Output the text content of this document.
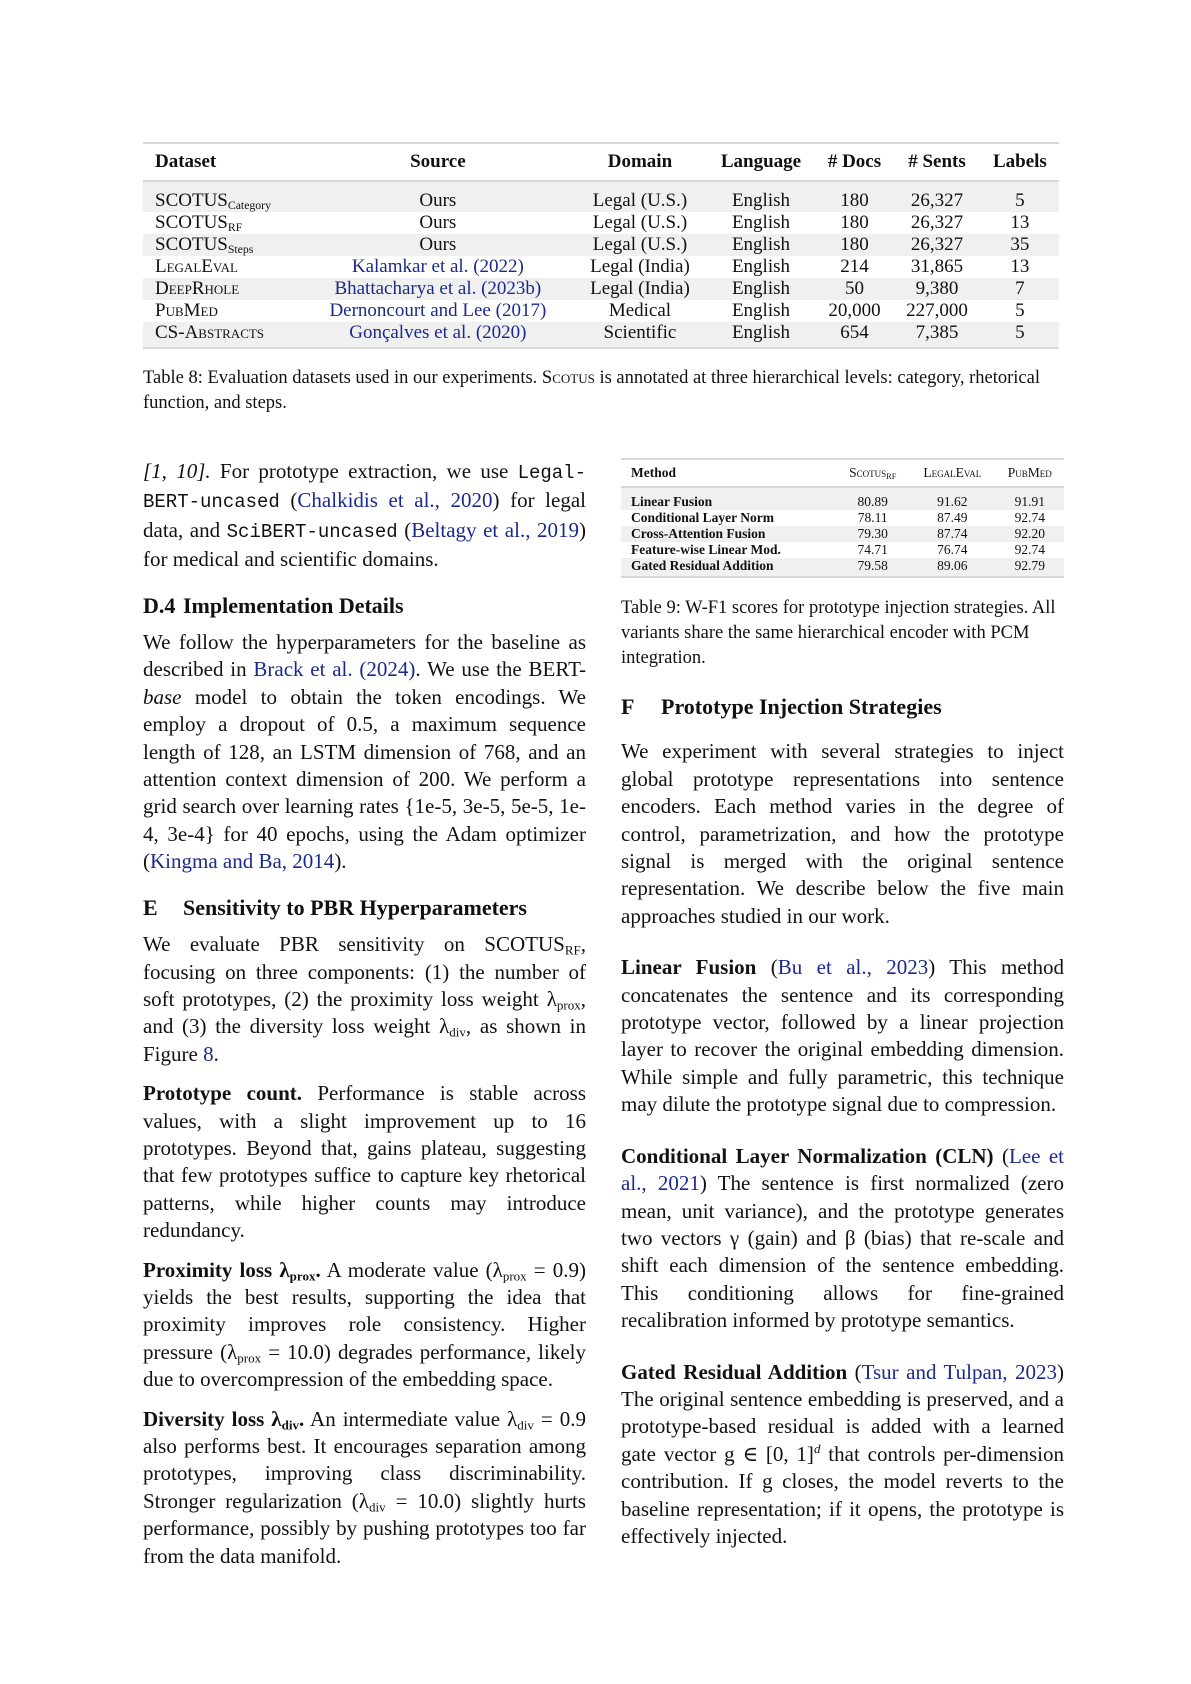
Dataset	Source	Domain	Language	# Docs	# Sents	Labels
$SCOTUS_{Category}$	Ours	Legal (U.S.)	English	180	26,327	5
$SCOTUS_{RF}$	Ours	Legal (U.S.)	English	180	26,327	13
$SCOTUS_{Steps}$	Ours	Legal (U.S.)	English	180	26,327	35
LegalEval	Kalamkar et al. (2022)	Legal (India)	English	214	31,865	13
DeepRhole	Bhattacharya et al. (2023b)	Legal (India)	English	50	9,380	7
PubMed	Dernoncourt and Lee (2017)	Medical	English	20,000	227,000	5
CS-Abstracts	Gonçalves et al. (2020)	Scientific	English	654	7,385	5
Table 8: Evaluation datasets used in our experiments. Scotus is annotated at three hierarchical levels: category, rhetorical function, and steps.

[1, 10]. For prototype extraction, we use Legal-BERT-uncased (Chalkidis et al., 2020) for legal data, and SciBERT-uncased (Beltagy et al., 2019) for medical and scientific domains.

D.4 Implementation Details

We follow the hyperparameters for the baseline as described in Brack et al. (2024). We use the BERT-base model to obtain the token encodings. We employ a dropout of 0.5, a maximum sequence length of 128, an LSTM dimension of 768, and an attention context dimension of 200. We perform a grid search over learning rates {1e-5, 3e-5, 5e-5, 1e-4, 3e-4} for 40 epochs, using the Adam optimizer (Kingma and Ba, 2014).

E Sensitivity to PBR Hyperparameters

We evaluate PBR sensitivity on $SCOTUS_{RF}$, focusing on three components: (1) the number of soft prototypes, (2) the proximity loss weight $\lambda_{prox}$, and (3) the diversity loss weight $\lambda_{div}$, as shown in Figure 8.

Prototype count. Performance is stable across values, with a slight improvement up to 16 prototypes. Beyond that, gains plateau, suggesting that few prototypes suffice to capture key rhetorical patterns, while higher counts may introduce redundancy.

Proximity loss $\lambda_{prox}$. A moderate value $(\lambda_{prox} = 0.9)$ yields the best results, supporting the idea that proximity improves role consistency. Higher pressure $(\lambda_{prox} = 10.0)$ degrades performance, likely due to overcompression of the embedding space.

Diversity loss $\lambda_{div}$. An intermediate value $\lambda_{div} = 0.9$ also performs best. It encourages separation among prototypes, improving class discriminability. Stronger regularization $(\lambda_{div} = 10.0)$ slightly hurts performance, possibly by pushing prototypes too far from the data manifold.

Method	Scotus$_{RF}$	LegalEval	PubMed
Linear Fusion	80.89	91.62	91.91
Conditional Layer Norm	78.11	87.49	92.74
Cross-Attention Fusion	79.30	87.74	92.20
Feature-wise Linear Mod.	74.71	76.74	92.74
Gated Residual Addition	79.58	89.06	92.79
Table 9: W-F1 scores for prototype injection strategies. All variants share the same hierarchical encoder with PCM integration.
F Prototype Injection Strategies

We experiment with several strategies to inject global prototype representations into sentence encoders. Each method varies in the degree of control, parametrization, and how the prototype signal is merged with the original sentence representation. We describe below the five main approaches studied in our work.

Linear Fusion (Bu et al., 2023) This method concatenates the sentence and its corresponding prototype vector, followed by a linear projection layer to recover the original embedding dimension. While simple and fully parametric, this technique may dilute the prototype signal due to compression.

Conditional Layer Normalization (CLN) (Lee et al., 2021) The sentence is first normalized (zero mean, unit variance), and the prototype generates two vectors γ (gain) and β (bias) that re-scale and shift each dimension of the sentence embedding. This conditioning allows for fine-grained recalibration informed by prototype semantics.

Gated Residual Addition (Tsur and Tulpan, 2023) The original sentence embedding is preserved, and a prototype-based residual is added with a learned gate vector g ∈ [0, 1]$^d$ that controls per-dimension contribution. If g closes, the model reverts to the baseline representation; if it opens, the prototype is effectively injected.
